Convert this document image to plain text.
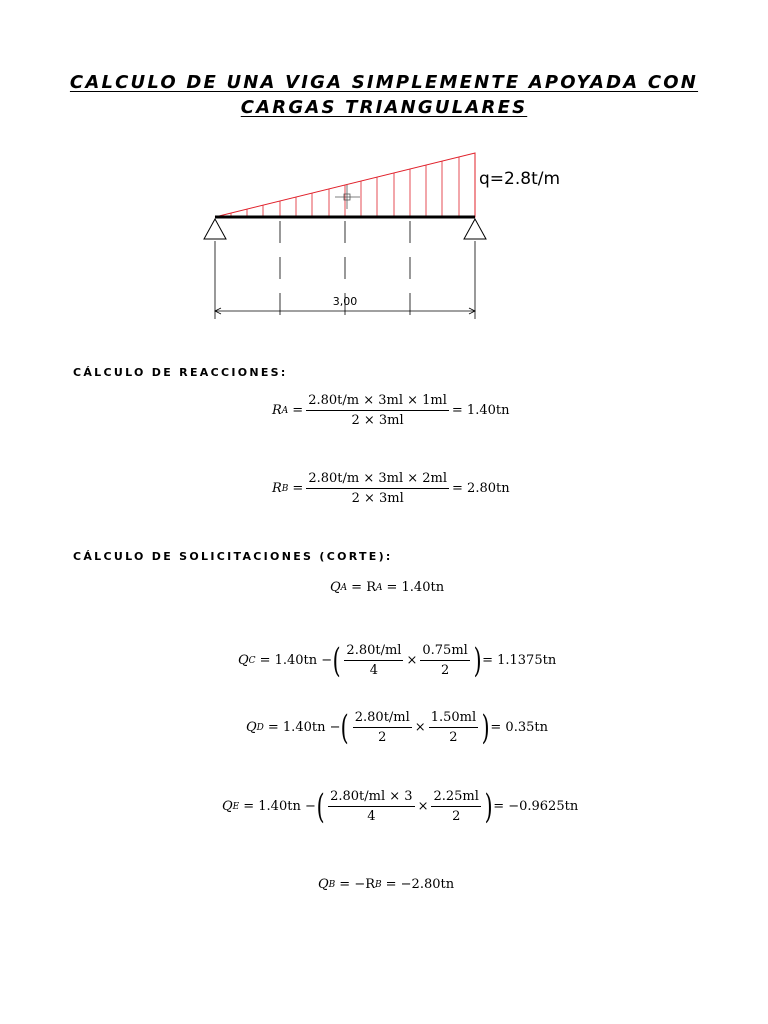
CALCULO DE UNA VIGA SIMPLEMENTE APOYADA CON
CARGAS TRIANGULARES
q=2.8t/m
3,00
CÁLCULO DE REACCIONES:
R $A = \frac{2.80t/m \times 3ml \times 1ml}{2 \times 3ml} = 1.40tn$
R $B = \frac{2.80t/m \times 3ml \times 2ml}{2 \times 3ml} = 2.80tn$
CÁLCULO DE SOLICITACIONES (CORTE):
Q A = R A = 1.40tn
Q C = 1.40tn − ( $\frac{2.80t/ml}{4} \times \frac{0.75ml}{2}$ ) = 1.1375tn
Q D = 1.40tn − ( $\frac{2.80t/ml}{2} \times \frac{1.50ml}{2}$ ) = 0.35tn
Q E = 1.40tn − ( $\frac{2.80t/ml \times 3}{4} \times \frac{2.25ml}{2}$ ) = −0.9625tn
Q B = −R B = −2.80tn
